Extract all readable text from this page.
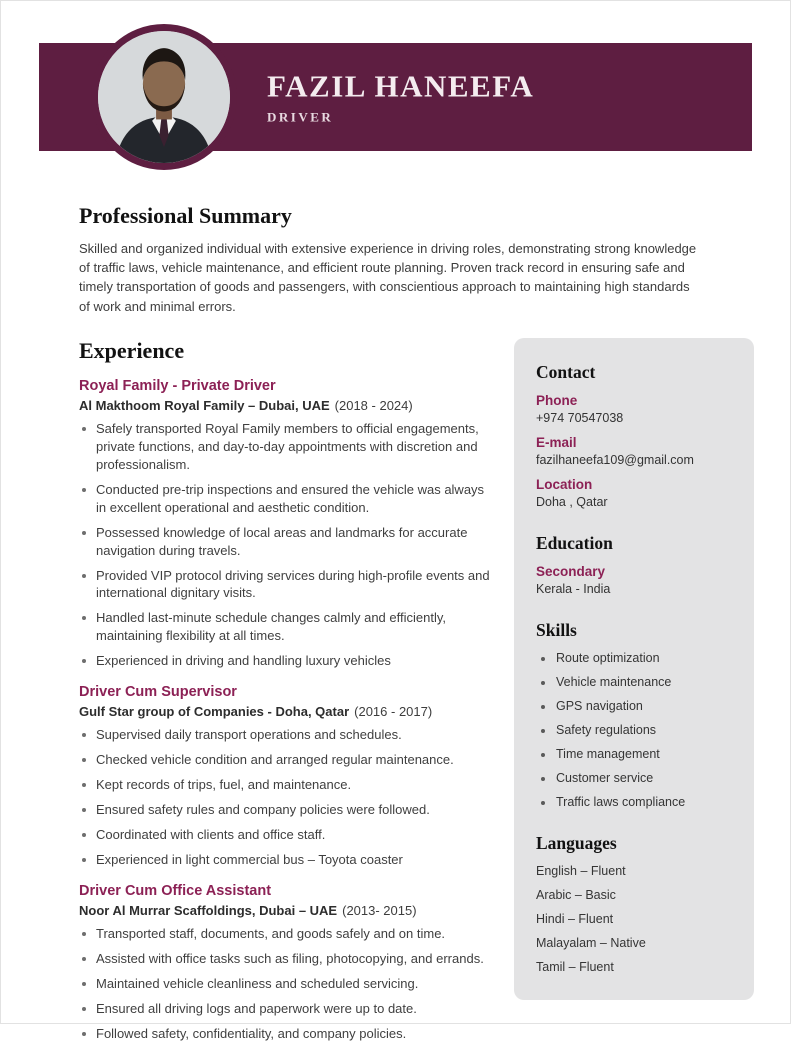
FAZIL HANEEFA
DRIVER
Professional Summary

Skilled and organized individual with extensive experience in driving roles, demonstrating strong knowledge of traffic laws, vehicle maintenance, and efficient route planning. Proven track record in ensuring safe and timely transportation of goods and passengers, with conscientious approach to maintaining high standards of work and minimal errors.

Experience
Royal Family - Private Driver

Al Makthoom Royal Family – Dubai, UAE (2018 - 2024)

Safely transported Royal Family members to official engagements, private functions, and day-to-day appointments with discretion and professionalism.
Conducted pre-trip inspections and ensured the vehicle was always in excellent operational and aesthetic condition.
Possessed knowledge of local areas and landmarks for accurate navigation during travels.
Provided VIP protocol driving services during high-profile events and international dignitary visits.
Handled last-minute schedule changes calmly and efficiently, maintaining flexibility at all times.
Experienced in driving and handling luxury vehicles
Driver Cum Supervisor

Gulf Star group of Companies - Doha, Qatar (2016 - 2017)

Supervised daily transport operations and schedules.
Checked vehicle condition and arranged regular maintenance.
Kept records of trips, fuel, and maintenance.
Ensured safety rules and company policies were followed.
Coordinated with clients and office staff.
Experienced in light commercial bus – Toyota coaster
Driver Cum Office Assistant

Noor Al Murrar Scaffoldings, Dubai – UAE (2013- 2015)

Transported staff, documents, and goods safely and on time.
Assisted with office tasks such as filing, photocopying, and errands.
Maintained vehicle cleanliness and scheduled servicing.
Ensured all driving logs and paperwork were up to date.
Followed safety, confidentiality, and company policies.
Contact
Phone
+974 70547038
E-mail
fazilhaneefa109@gmail.com
Location
Doha , Qatar
Education
Secondary
Kerala - India
Skills
Route optimization
Vehicle maintenance
GPS navigation
Safety regulations
Time management
Customer service
Traffic laws compliance
Languages
English – Fluent
Arabic – Basic
Hindi – Fluent
Malayalam – Native
Tamil – Fluent
